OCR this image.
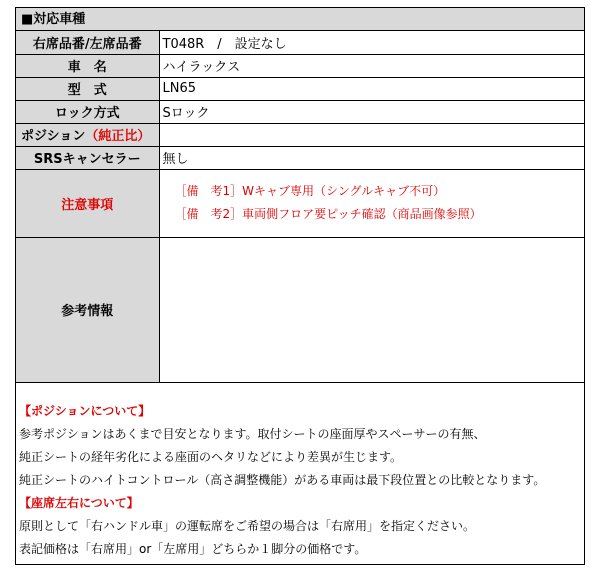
■対応車種
右席品番/左席品番	T048R　/　設定なし
車　名	ハイラックス
型　式	LN65
ロック方式	Sロック
ポジション（純正比）	
SRSキャンセラー	無し
注意事項	［備　考1］Wキャブ専用（シングルキャブ不可）
［備　考2］車両側フロア要ピッチ確認（商品画像参照）

参考情報	
【ポジションについて】
参考ポジションはあくまで目安となります。取付シートの座面厚やスペーサーの有無、
純正シートの経年劣化による座面のヘタリなどにより差異が生じます。
純正シートのハイトコントロール（高さ調整機能）がある車両は最下段位置との比較となります。
【座席左右について】
原則として「右ハンドル車」の運転席をご希望の場合は「右席用」を指定ください。
表記価格は「右席用」or「左席用」どちらか１脚分の価格です。
